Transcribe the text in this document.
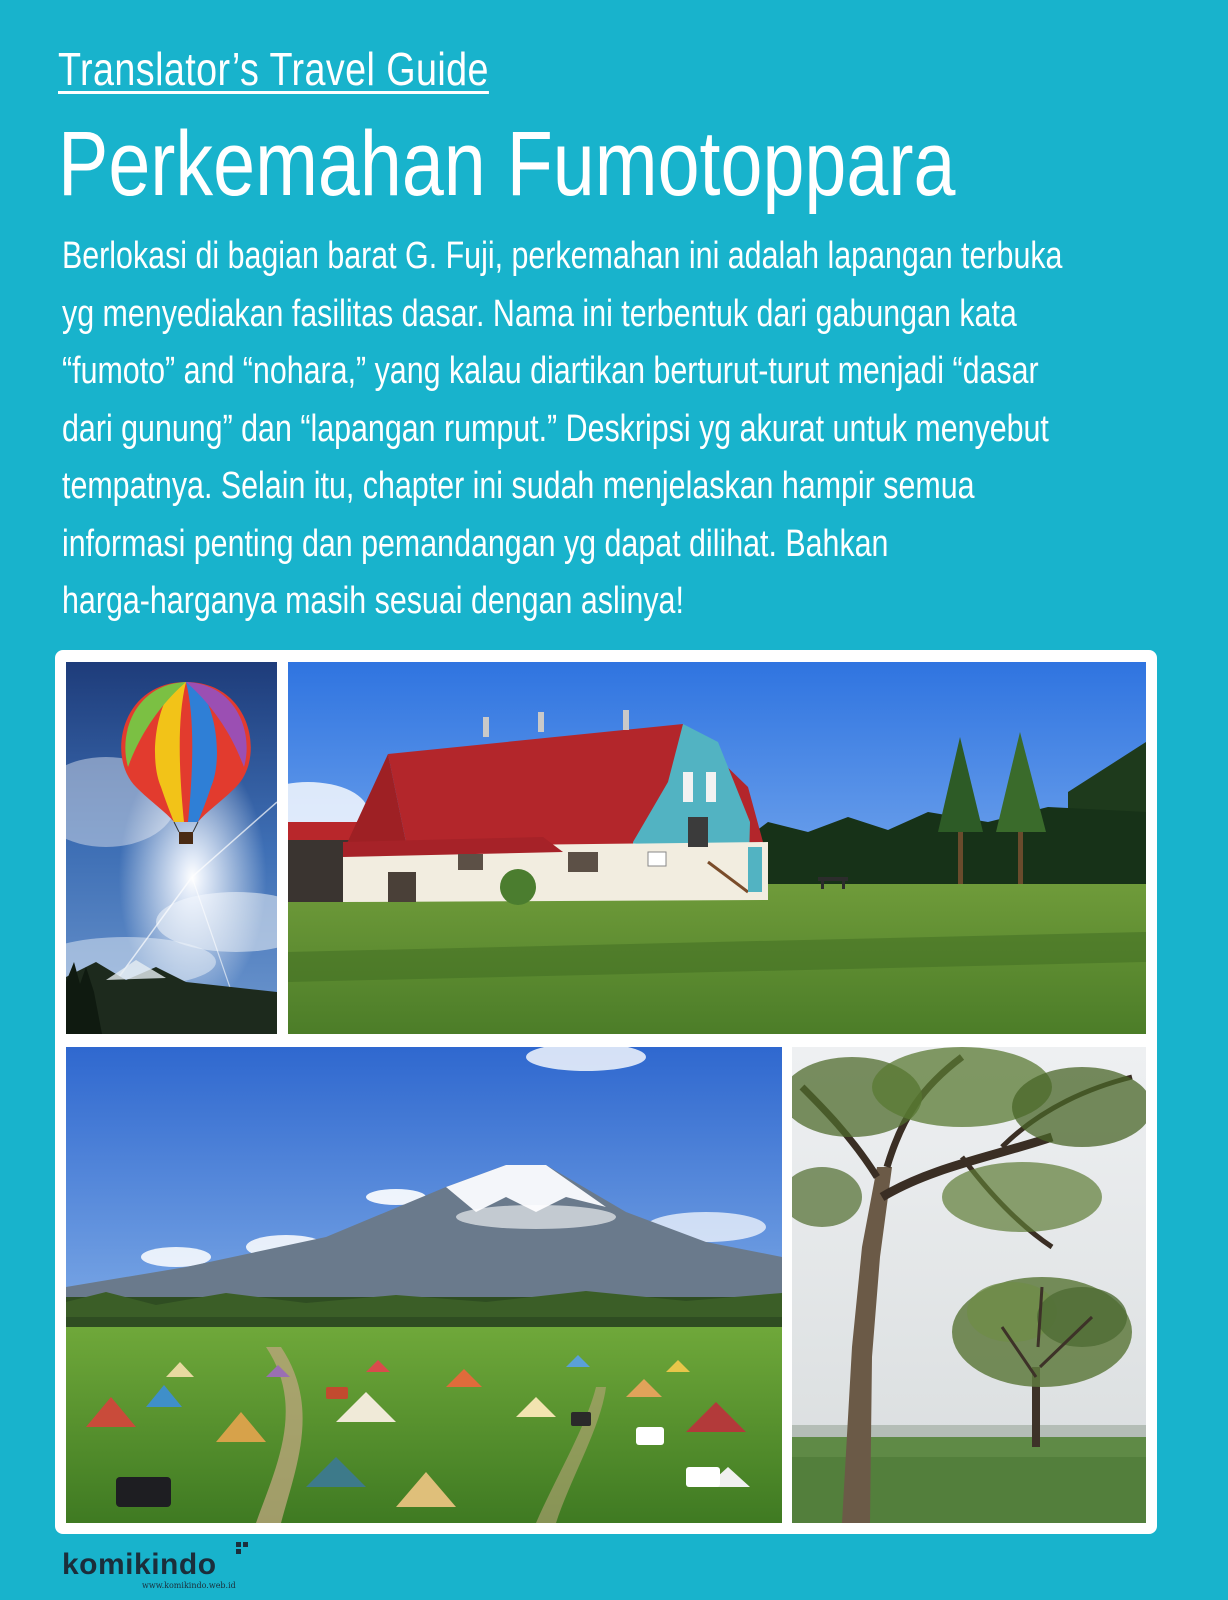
Translator’s Travel Guide
Perkemahan Fumotoppara

Berlokasi di bagian barat G. Fuji, perkemahan ini adalah lapangan terbuka

yg menyediakan fasilitas dasar. Nama ini terbentuk dari gabungan kata

“fumoto” and “nohara,” yang kalau diartikan berturut-turut menjadi “dasar

dari gunung” dan “lapangan rumput.” Deskripsi yg akurat untuk menyebut

tempatnya. Selain itu, chapter ini sudah menjelaskan hampir semua

informasi penting dan pemandangan yg dapat dilihat. Bahkan

harga-harganya masih sesuai dengan aslinya!

komikindo
www.komikindo.web.id
